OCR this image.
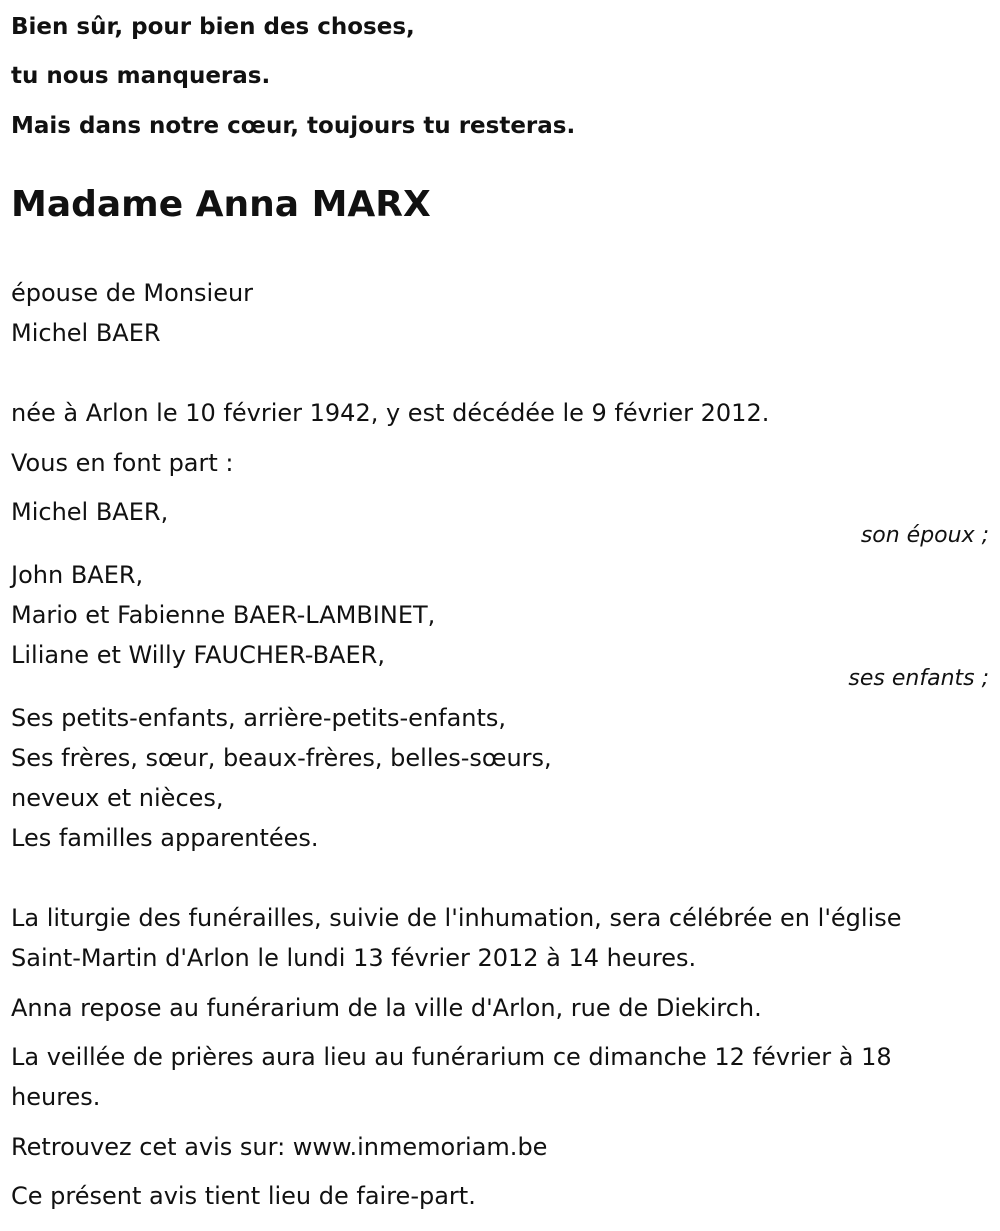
Bien sûr, pour bien des choses,
tu nous manqueras.
Mais dans notre cœur, toujours tu resteras.
Madame Anna MARX
épouse de Monsieur
Michel BAER
née à Arlon le 10 février 1942, y est décédée le 9 février 2012.
Vous en font part :
Michel BAER,
son époux ;
John BAER,
Mario et Fabienne BAER-LAMBINET,
Liliane et Willy FAUCHER-BAER,
ses enfants ;
Ses petits-enfants, arrière-petits-enfants,
Ses frères, sœur, beaux-frères, belles-sœurs,
neveux et nièces,
Les familles apparentées.
La liturgie des funérailles, suivie de l'inhumation, sera célébrée en l'église
Saint-Martin d'Arlon le lundi 13 février 2012 à 14 heures.
Anna repose au funérarium de la ville d'Arlon, rue de Diekirch.
La veillée de prières aura lieu au funérarium ce dimanche 12 février à 18
heures.
Retrouvez cet avis sur: www.inmemoriam.be
Ce présent avis tient lieu de faire-part.
